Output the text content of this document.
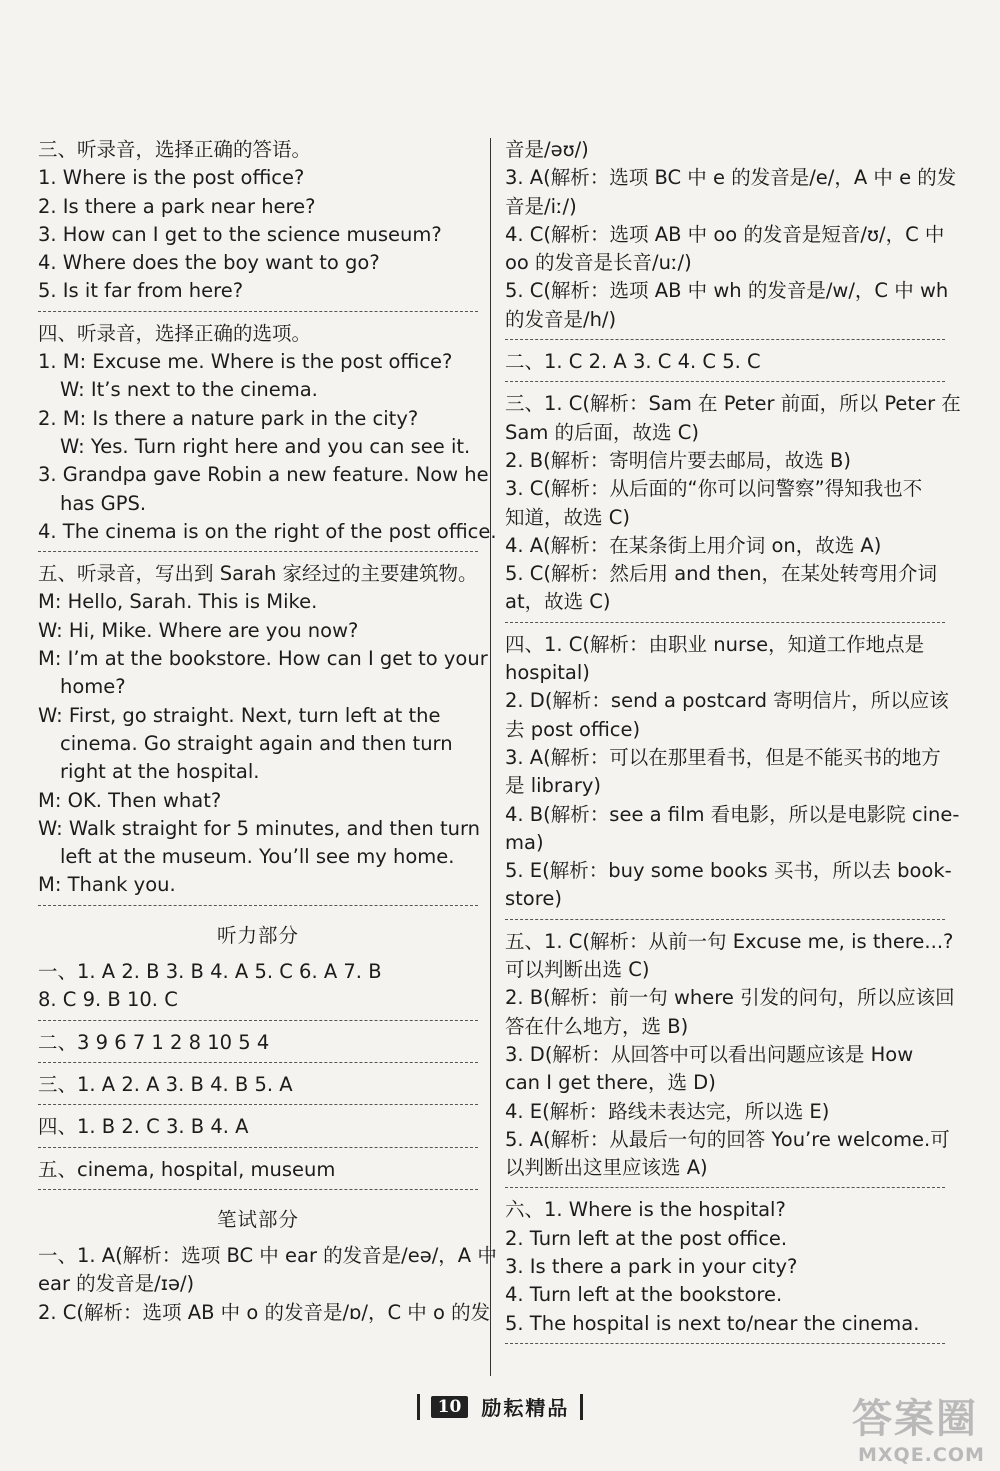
三、听录音，选择正确的答语。
1. Where is the post office?
2. Is there a park near here?
3. How can I get to the science museum?
4. Where does the boy want to go?
5. Is it far from here?
四、听录音，选择正确的选项。
1. M: Excuse me. Where is the post office?
W: It’s next to the cinema.
2. M: Is there a nature park in the city?
W: Yes. Turn right here and you can see it.
3. Grandpa gave Robin a new feature. Now he
has GPS.
4. The cinema is on the right of the post office.
五、听录音，写出到 Sarah 家经过的主要建筑物。
M: Hello, Sarah. This is Mike.
W: Hi, Mike. Where are you now?
M: I’m at the bookstore. How can I get to your
home?
W: First, go straight. Next, turn left at the
cinema. Go straight again and then turn
right at the hospital.
M: OK. Then what?
W: Walk straight for 5 minutes, and then turn
left at the museum. You’ll see my home.
M: Thank you.
听力部分
一、1. A 2. B 3. B 4. A 5. C 6. A 7. B
8. C 9. B 10. C
二、3 9 6 7 1 2 8 10 5 4
三、1. A 2. A 3. B 4. B 5. A
四、1. B 2. C 3. B 4. A
五、cinema, hospital, museum
笔试部分
一、1. A(解析：选项 BC 中 ear 的发音是/eə/，A 中
ear 的发音是/ɪə/)
2. C(解析：选项 AB 中 o 的发音是/ɒ/，C 中 o 的发
音是/əʊ/)
3. A(解析：选项 BC 中 e 的发音是/e/，A 中 e 的发
音是/iː/)
4. C(解析：选项 AB 中 oo 的发音是短音/ʊ/，C 中
oo 的发音是长音/uː/)
5. C(解析：选项 AB 中 wh 的发音是/w/，C 中 wh
的发音是/h/)
二、1. C 2. A 3. C 4. C 5. C
三、1. C(解析：Sam 在 Peter 前面，所以 Peter 在
Sam 的后面，故选 C)
2. B(解析：寄明信片要去邮局，故选 B)
3. C(解析：从后面的“你可以问警察”得知我也不
知道，故选 C)
4. A(解析：在某条街上用介词 on，故选 A)
5. C(解析：然后用 and then，在某处转弯用介词
at，故选 C)
四、1. C(解析：由职业 nurse，知道工作地点是
hospital)
2. D(解析：send a postcard 寄明信片，所以应该
去 post office)
3. A(解析：可以在那里看书，但是不能买书的地方
是 library)
4. B(解析：see a film 看电影，所以是电影院 cine-
ma)
5. E(解析：buy some books 买书，所以去 book-
store)
五、1. C(解析：从前一句 Excuse me, is there...?
可以判断出选 C)
2. B(解析：前一句 where 引发的问句，所以应该回
答在什么地方，选 B)
3. D(解析：从回答中可以看出问题应该是 How
can I get there，选 D)
4. E(解析：路线未表达完，所以选 E)
5. A(解析：从最后一句的回答 You’re welcome.可
以判断出这里应该选 A)
六、1. Where is the hospital?
2. Turn left at the post office.
3. Is there a park in your city?
4. Turn left at the bookstore.
5. The hospital is next to/near the cinema.
10 励耘精品	答案圈
MXQE.COM
